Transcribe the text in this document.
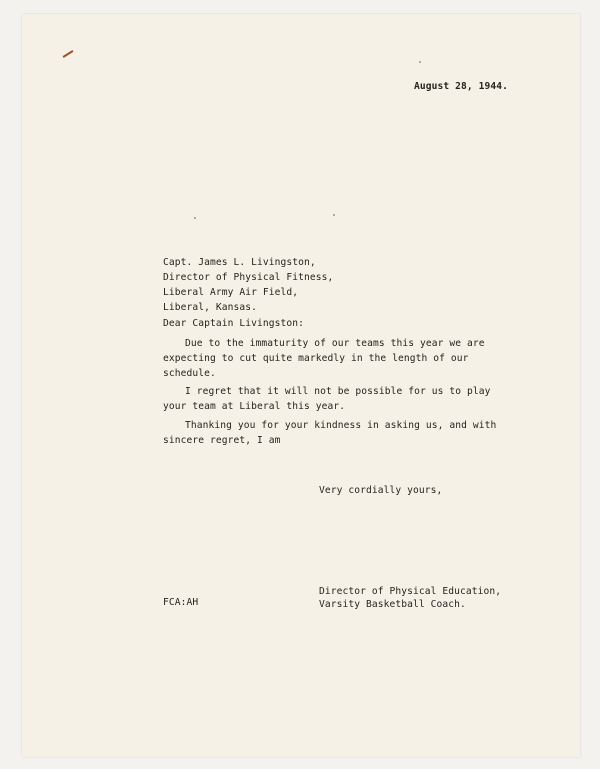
August 28, 1944.
Capt. James L. Livingston,
Director of Physical Fitness,
Liberal Army Air Field,
Liberal, Kansas.
Dear Captain Livingston:
Due to the immaturity of our teams this year we are
expecting to cut quite markedly in the length of our
schedule.
I regret that it will not be possible for us to play
your team at Liberal this year.
Thanking you for your kindness in asking us, and with
sincere regret, I am
Very cordially yours,
FCA:AH
Director of Physical Education,
Varsity Basketball Coach.
